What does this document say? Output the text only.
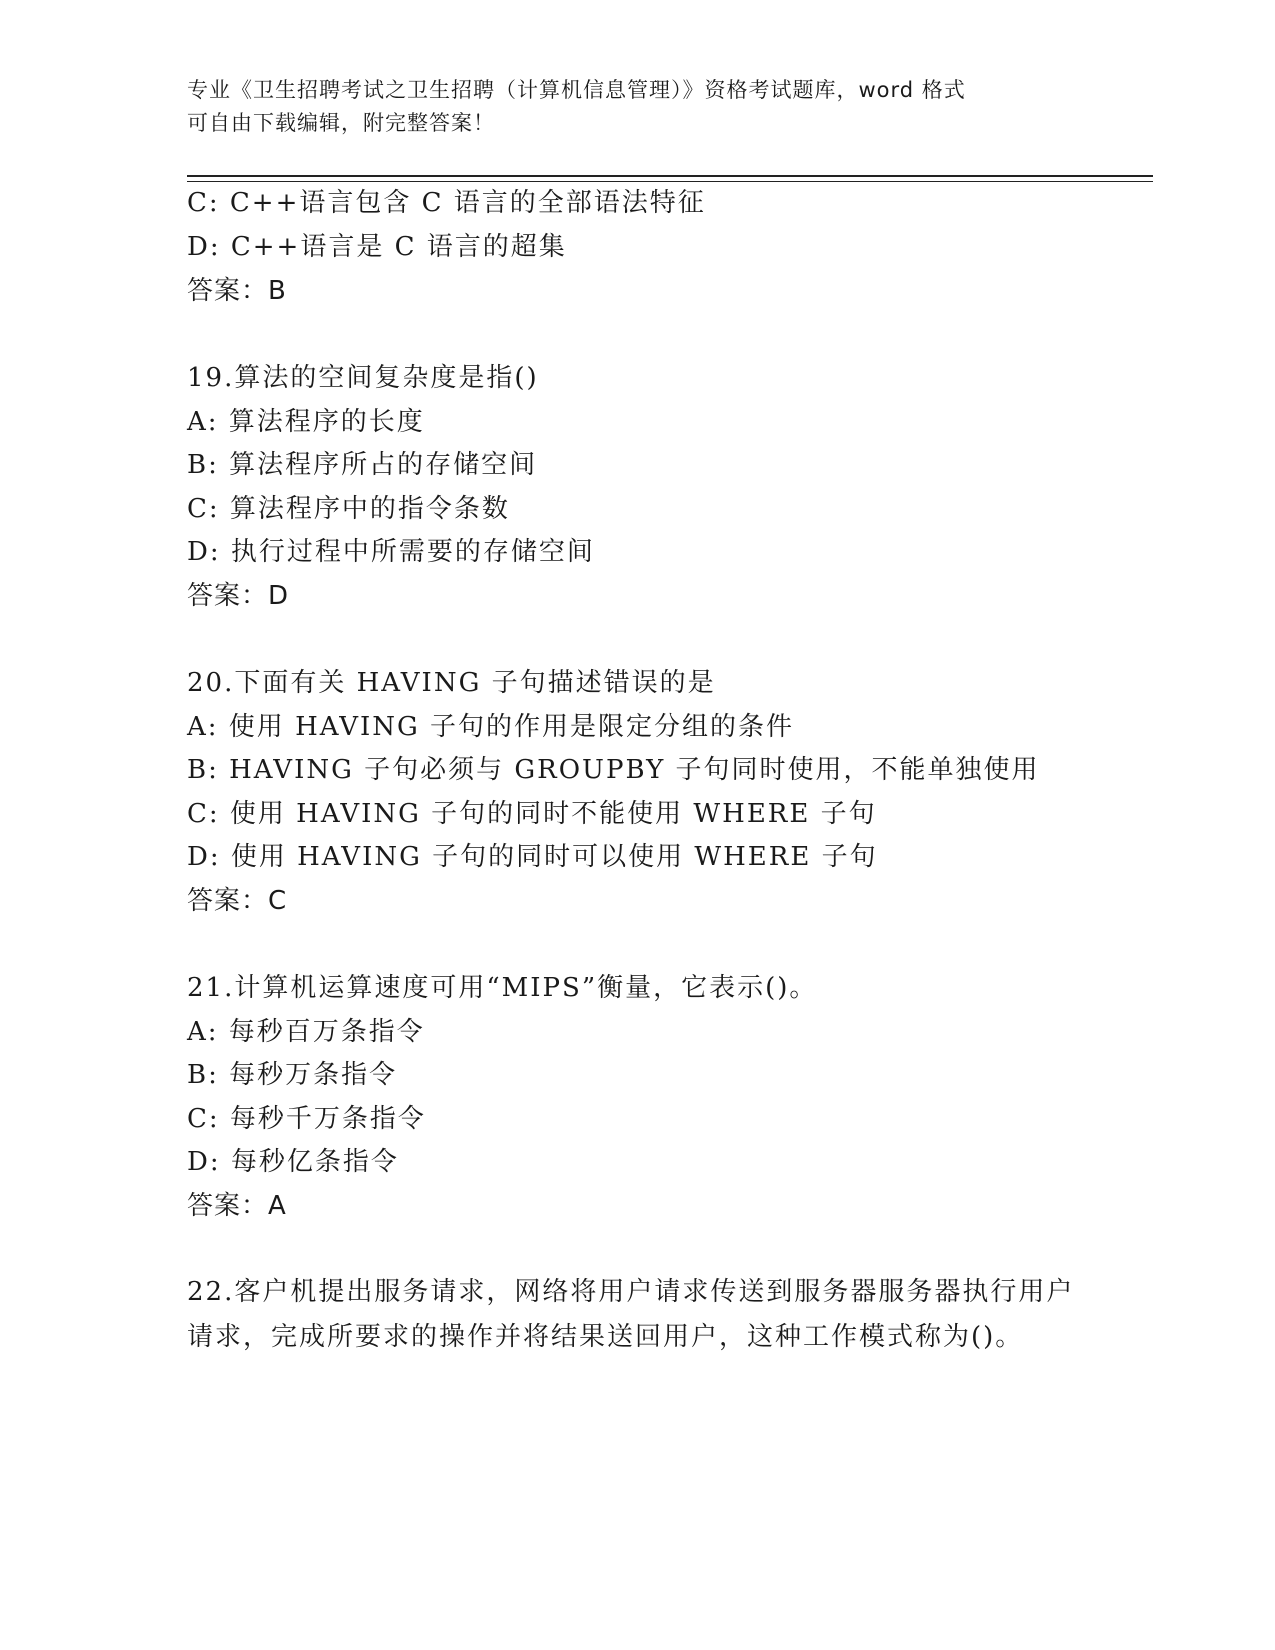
专业《卫生招聘考试之卫生招聘（计算机信息管理）》资格考试题库，word 格式
可自由下载编辑，附完整答案！
C: C++语言包含 C 语言的全部语法特征
D: C++语言是 C 语言的超集
答案：B
19.算法的空间复杂度是指()
A: 算法程序的长度
B: 算法程序所占的存储空间
C: 算法程序中的指令条数
D: 执行过程中所需要的存储空间
答案：D
20.下面有关 HAVING 子句描述错误的是
A: 使用 HAVING 子句的作用是限定分组的条件
B: HAVING 子句必须与 GROUPBY 子句同时使用，不能单独使用
C: 使用 HAVING 子句的同时不能使用 WHERE 子句
D: 使用 HAVING 子句的同时可以使用 WHERE 子句
答案：C
21.计算机运算速度可用“MIPS”衡量，它表示()。
A: 每秒百万条指令
B: 每秒万条指令
C: 每秒千万条指令
D: 每秒亿条指令
答案：A
22.客户机提出服务请求，网络将用户请求传送到服务器服务器执行用户请求，完成所要求的操作并将结果送回用户，这种工作模式称为()。
